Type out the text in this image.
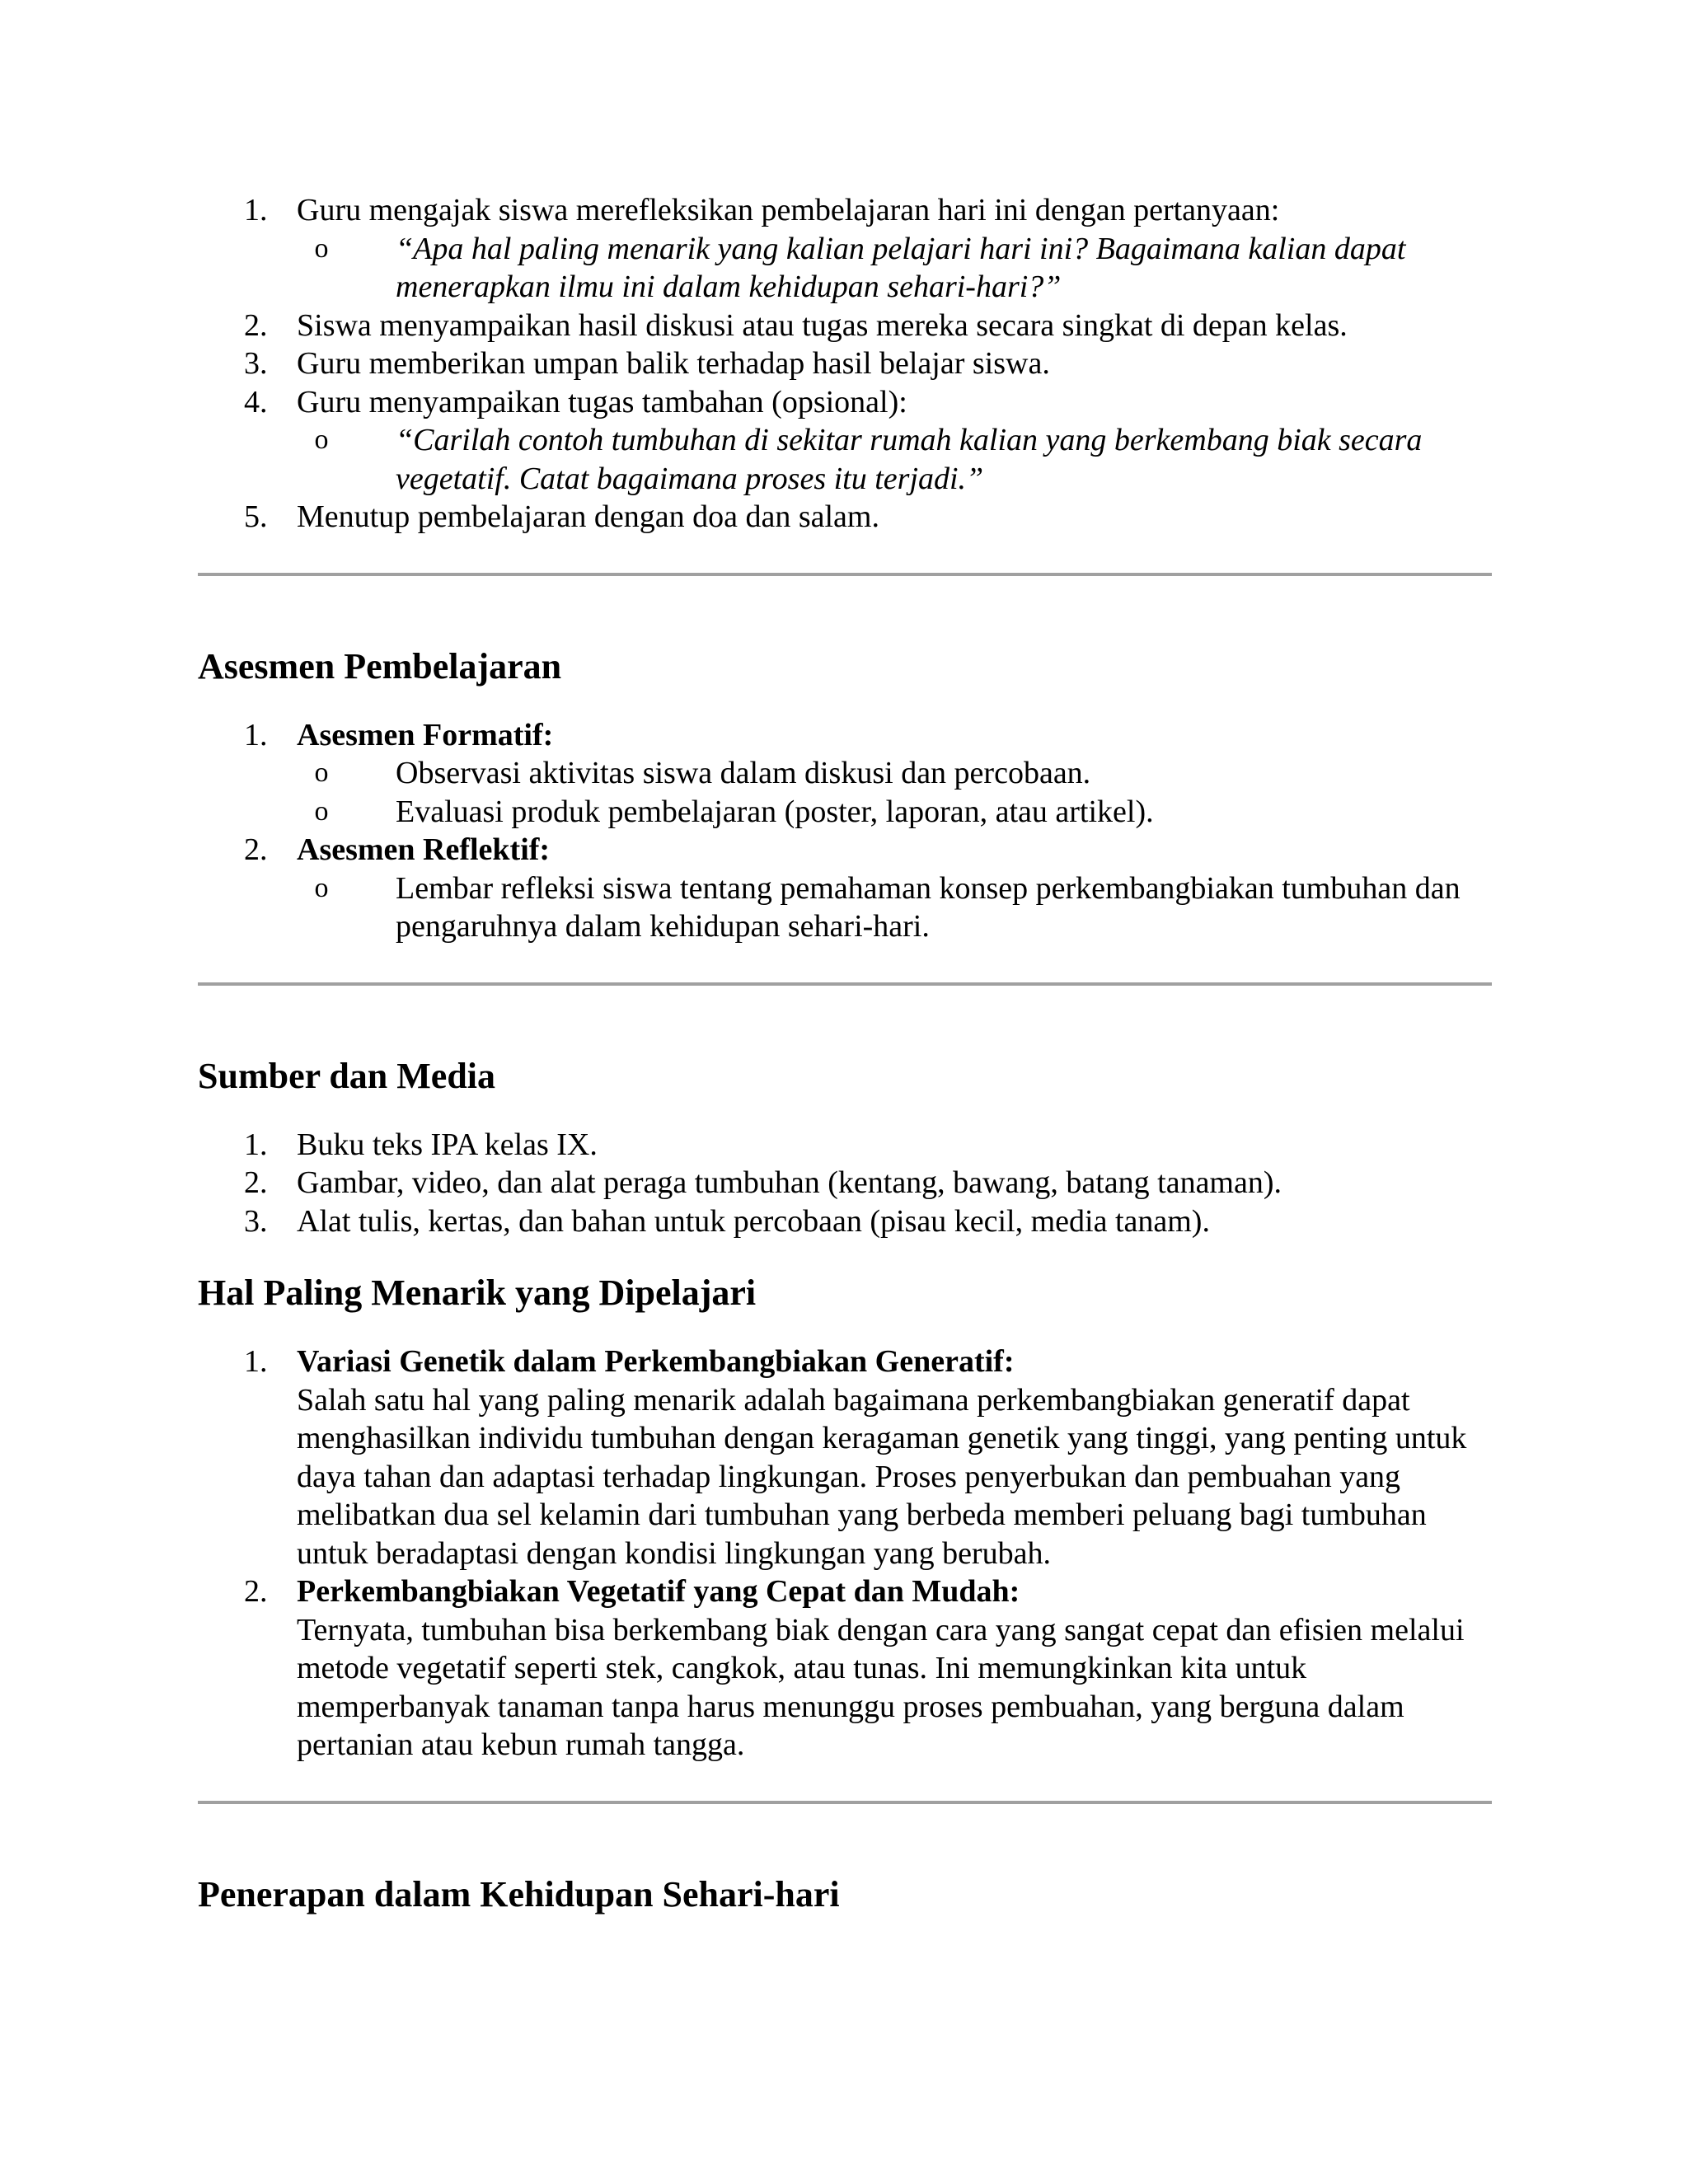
1. Guru mengajak siswa merefleksikan pembelajaran hari ini dengan pertanyaan:
o	“Apa hal paling menarik yang kalian pelajari hari ini? Bagaimana kalian dapat menerapkan ilmu ini dalam kehidupan sehari-hari?”
2. Siswa menyampaikan hasil diskusi atau tugas mereka secara singkat di depan kelas.
3. Guru memberikan umpan balik terhadap hasil belajar siswa.
4. Guru menyampaikan tugas tambahan (opsional):
o	“Carilah contoh tumbuhan di sekitar rumah kalian yang berkembang biak secara vegetatif. Catat bagaimana proses itu terjadi.”
5. Menutup pembelajaran dengan doa dan salam.
Asesmen Pembelajaran
1. Asesmen Formatif:
o	Observasi aktivitas siswa dalam diskusi dan percobaan.
o	Evaluasi produk pembelajaran (poster, laporan, atau artikel).
2. Asesmen Reflektif:
o	Lembar refleksi siswa tentang pemahaman konsep perkembangbiakan tumbuhan dan pengaruhnya dalam kehidupan sehari-hari.
Sumber dan Media
1. Buku teks IPA kelas IX.
2. Gambar, video, dan alat peraga tumbuhan (kentang, bawang, batang tanaman).
3. Alat tulis, kertas, dan bahan untuk percobaan (pisau kecil, media tanam).
Hal Paling Menarik yang Dipelajari
1. Variasi Genetik dalam Perkembangbiakan Generatif:
Salah satu hal yang paling menarik adalah bagaimana perkembangbiakan generatif dapat menghasilkan individu tumbuhan dengan keragaman genetik yang tinggi, yang penting untuk daya tahan dan adaptasi terhadap lingkungan. Proses penyerbukan dan pembuahan yang melibatkan dua sel kelamin dari tumbuhan yang berbeda memberi peluang bagi tumbuhan untuk beradaptasi dengan kondisi lingkungan yang berubah.
2. Perkembangbiakan Vegetatif yang Cepat dan Mudah:
Ternyata, tumbuhan bisa berkembang biak dengan cara yang sangat cepat dan efisien melalui metode vegetatif seperti stek, cangkok, atau tunas. Ini memungkinkan kita untuk memperbanyak tanaman tanpa harus menunggu proses pembuahan, yang berguna dalam pertanian atau kebun rumah tangga.
Penerapan dalam Kehidupan Sehari-hari
